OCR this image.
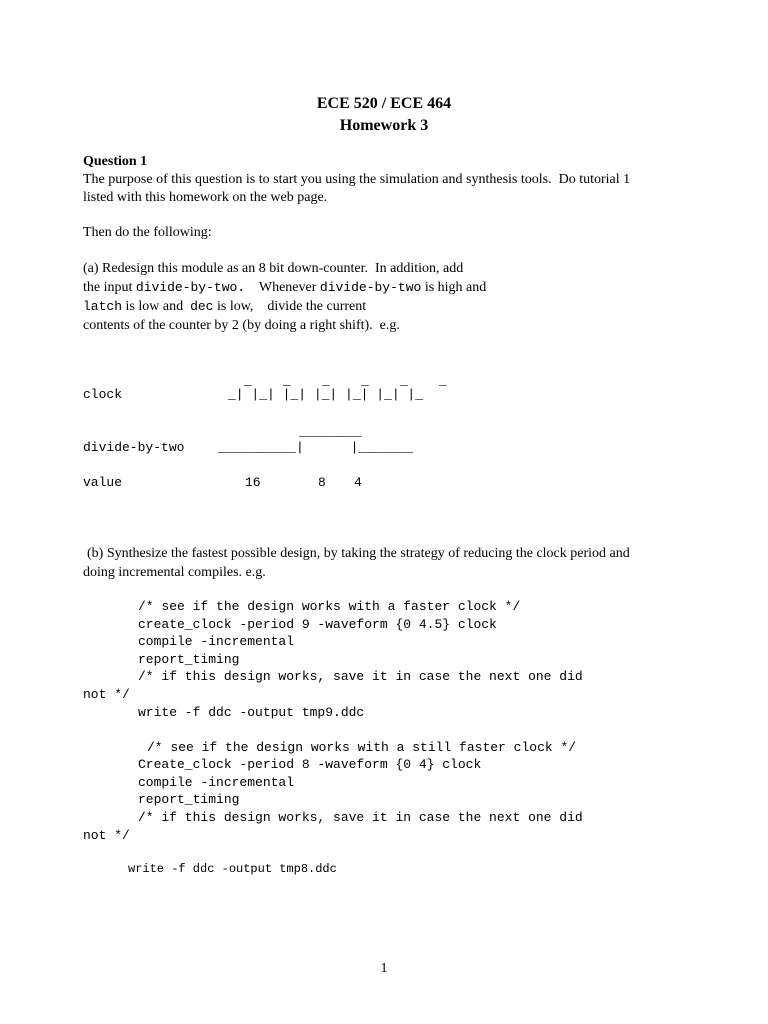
ECE 520 / ECE 464
Homework 3
Question 1
The purpose of this question is to start you using the simulation and synthesis tools.  Do tutorial 1
listed with this homework on the web page.
Then do the following:
(a) Redesign this module as an 8 bit down-counter.  In addition, add
the input divide-by-two. Whenever divide-by-two is high and
latch is low and dec is low,    divide the current
contents of the counter by 2 (by doing a right shift).  e.g.
_    _    _    _    _    _
clock	_| |_| |_| |_| |_| |_| |_
________
divide-by-two	__________|      |_______
value	16	8 4
(b) Synthesize the fastest possible design, by taking the strategy of reducing the clock period and
doing incremental compiles. e.g.
/* see if the design works with a faster clock */
create_clock -period 9 -waveform {0 4.5} clock
compile -incremental
report_timing
/* if this design works, save it in case the next one did
not */
write -f ddc -output tmp9.ddc
/* see if the design works with a still faster clock */
Create_clock -period 8 -waveform {0 4} clock
compile -incremental
report_timing
/* if this design works, save it in case the next one did
not */
write -f ddc -output tmp8.ddc
1
